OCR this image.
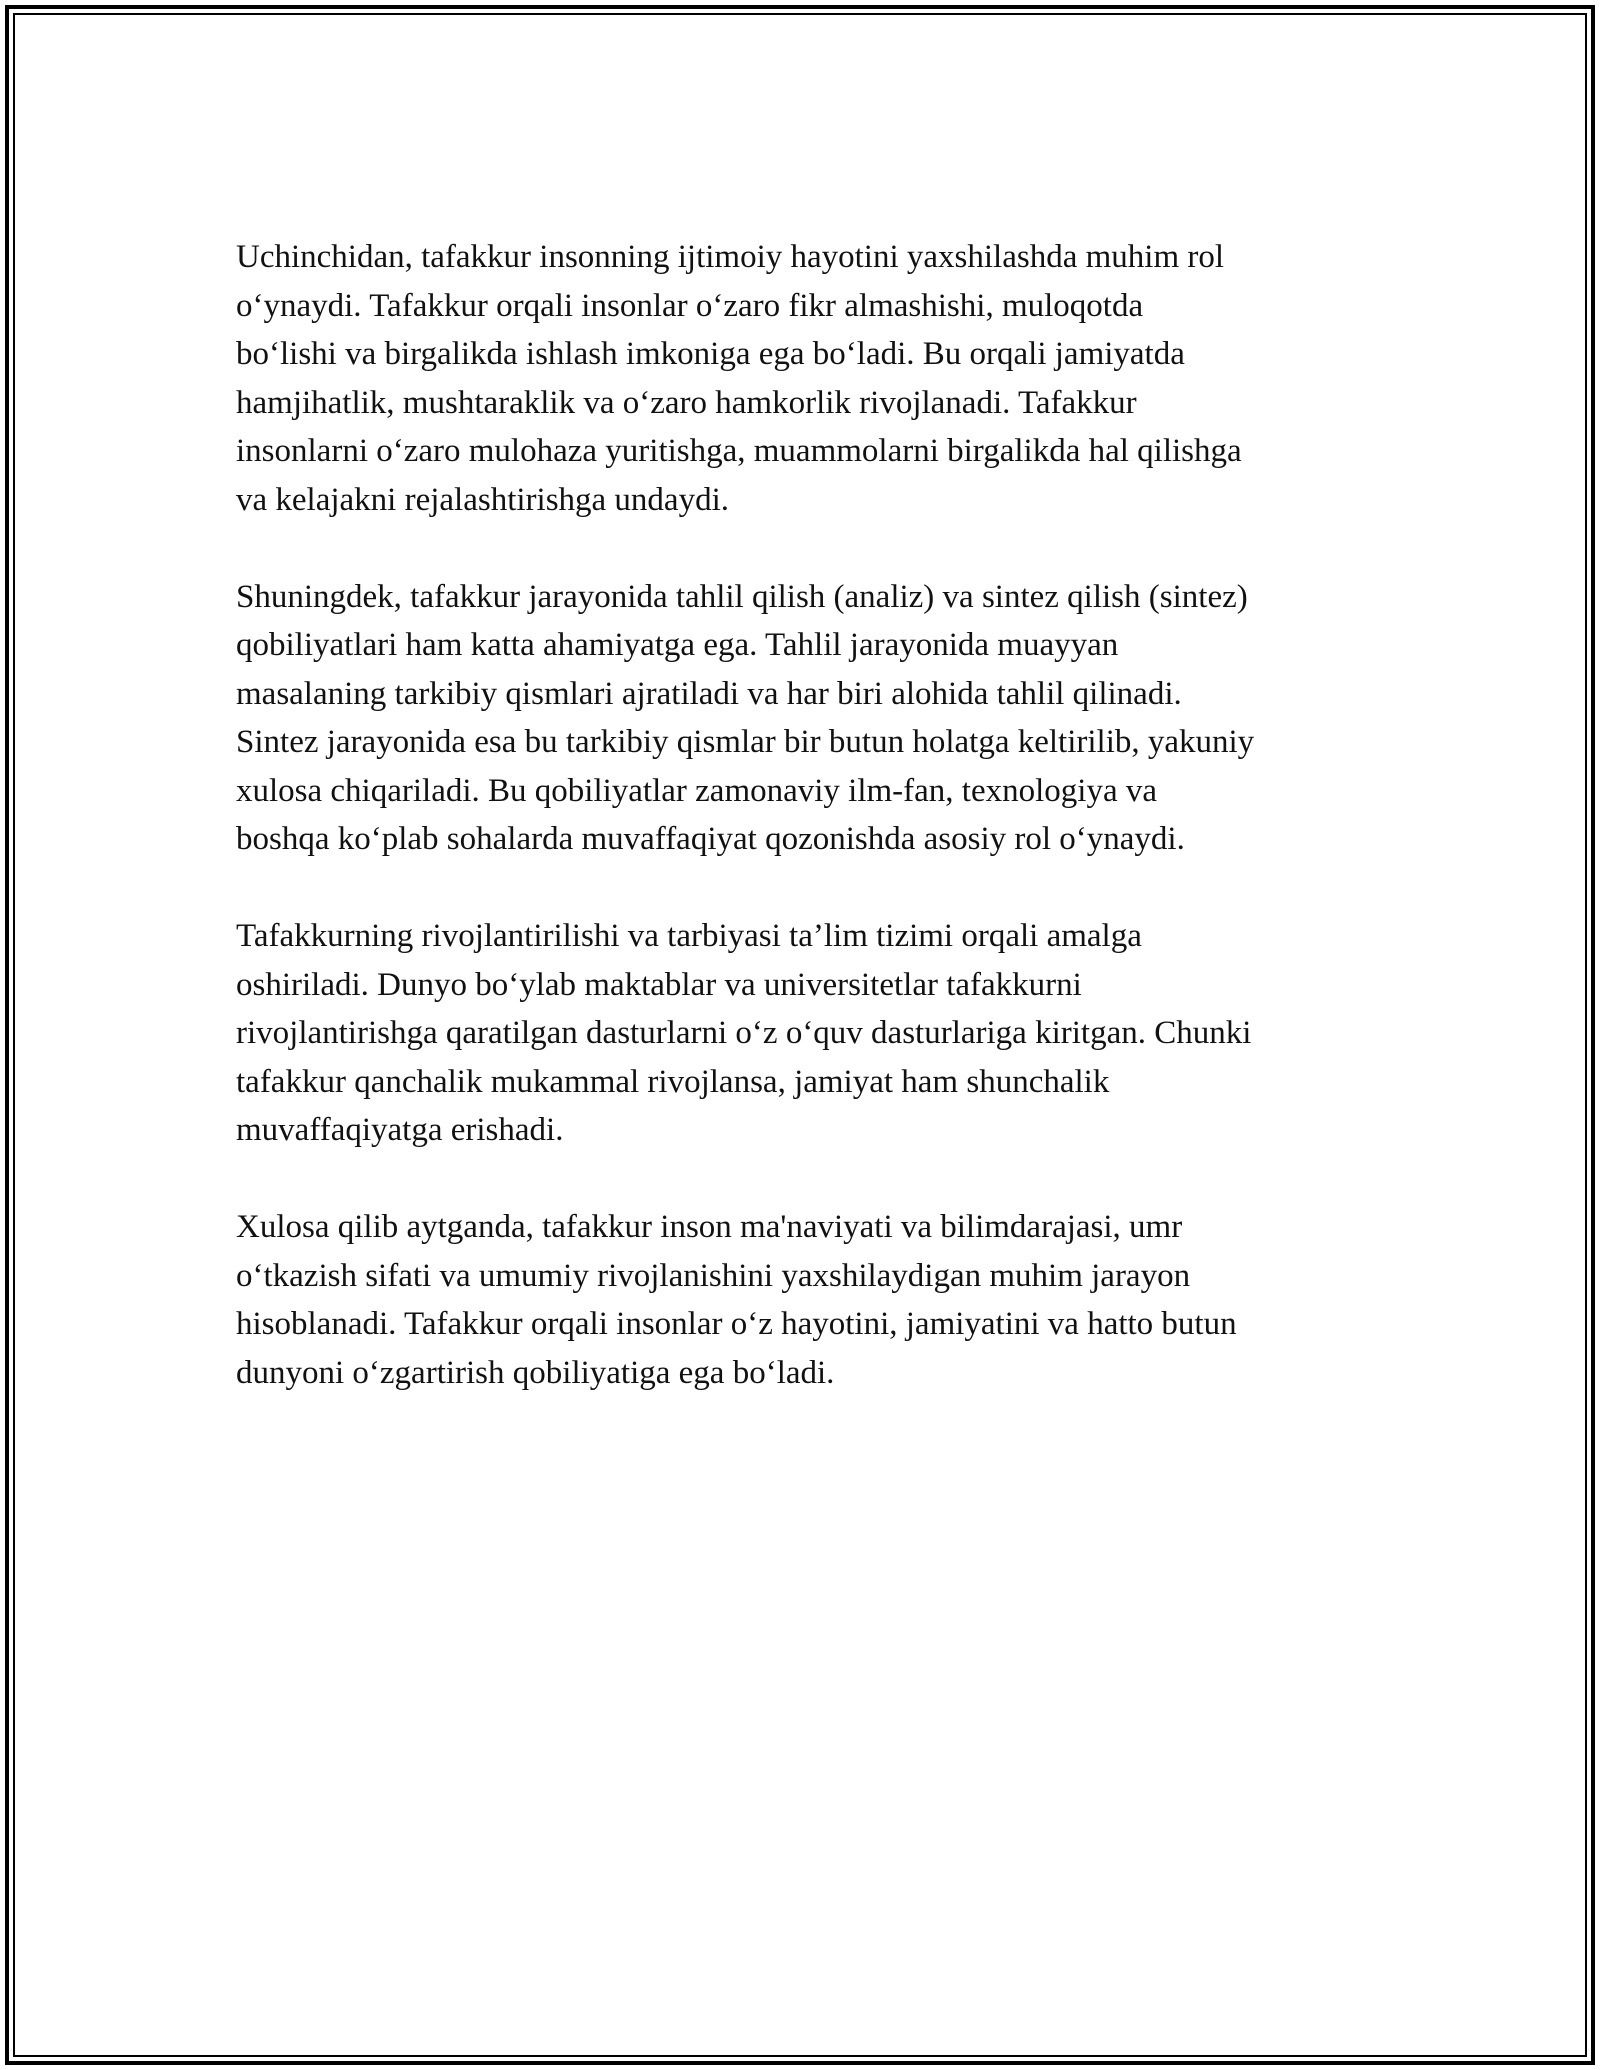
Uchinchidan, tafakkur insonning ijtimoiy hayotini yaxshilashda muhim rol
o‘ynaydi. Tafakkur orqali insonlar o‘zaro fikr almashishi, muloqotda
bo‘lishi va birgalikda ishlash imkoniga ega bo‘ladi. Bu orqali jamiyatda
hamjihatlik, mushtaraklik va o‘zaro hamkorlik rivojlanadi. Tafakkur
insonlarni o‘zaro mulohaza yuritishga, muammolarni birgalikda hal qilishga
va kelajakni rejalashtirishga undaydi.

Shuningdek, tafakkur jarayonida tahlil qilish (analiz) va sintez qilish (sintez)
qobiliyatlari ham katta ahamiyatga ega. Tahlil jarayonida muayyan
masalaning tarkibiy qismlari ajratiladi va har biri alohida tahlil qilinadi.
Sintez jarayonida esa bu tarkibiy qismlar bir butun holatga keltirilib, yakuniy
xulosa chiqariladi. Bu qobiliyatlar zamonaviy ilm-fan, texnologiya va
boshqa ko‘plab sohalarda muvaffaqiyat qozonishda asosiy rol o‘ynaydi.

Tafakkurning rivojlantirilishi va tarbiyasi ta’lim tizimi orqali amalga
oshiriladi. Dunyo bo‘ylab maktablar va universitetlar tafakkurni
rivojlantirishga qaratilgan dasturlarni o‘z o‘quv dasturlariga kiritgan. Chunki
tafakkur qanchalik mukammal rivojlansa, jamiyat ham shunchalik
muvaffaqiyatga erishadi.

Xulosa qilib aytganda, tafakkur inson ma'naviyati va bilimdarajasi, umr
o‘tkazish sifati va umumiy rivojlanishini yaxshilaydigan muhim jarayon
hisoblanadi. Tafakkur orqali insonlar o‘z hayotini, jamiyatini va hatto butun
dunyoni o‘zgartirish qobiliyatiga ega bo‘ladi.
